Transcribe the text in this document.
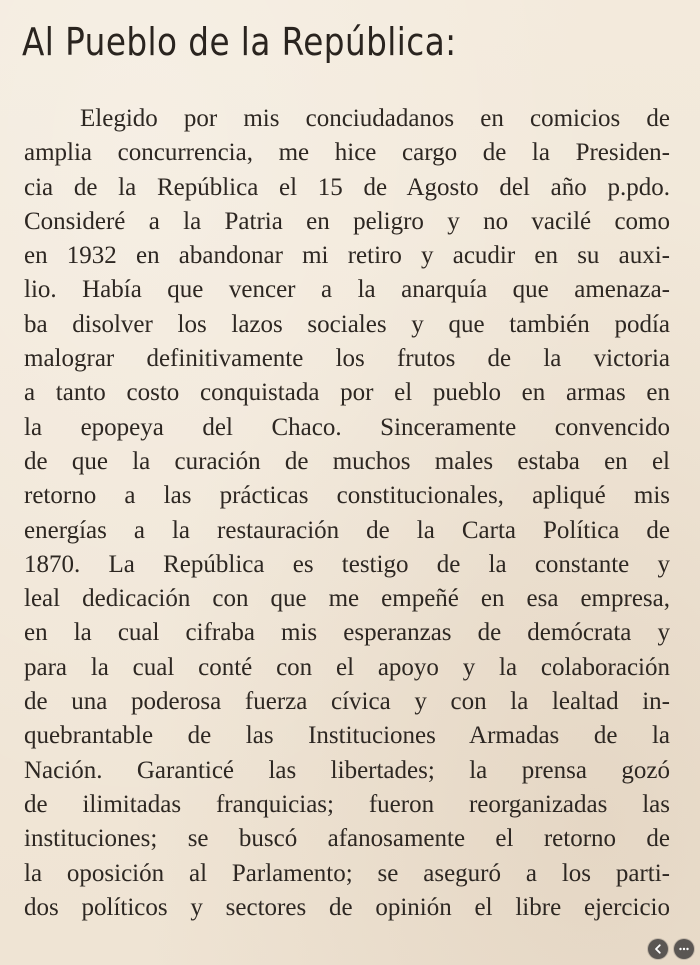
Al Pueblo de la República:
Elegido por mis conciudadanos en comicios de
amplia concurrencia, me hice cargo de la Presiden-
cia de la República el 15 de Agosto del año p.pdo.
Consideré a la Patria en peligro y no vacilé como
en 1932 en abandonar mi retiro y acudir en su auxi-
lio. Había que vencer a la anarquía que amenaza-
ba disolver los lazos sociales y que también podía
malograr definitivamente los frutos de la victoria
a tanto costo conquistada por el pueblo en armas en
la epopeya del Chaco. Sinceramente convencido
de que la curación de muchos males estaba en el
retorno a las prácticas constitucionales, apliqué mis
energías a la restauración de la Carta Política de
1870. La República es testigo de la constante y
leal dedicación con que me empeñé en esa empresa,
en la cual cifraba mis esperanzas de demócrata y
para la cual conté con el apoyo y la colaboración
de una poderosa fuerza cívica y con la lealtad in-
quebrantable de las Instituciones Armadas de la
Nación. Garanticé las libertades; la prensa gozó
de ilimitadas franquicias; fueron reorganizadas las
instituciones; se buscó afanosamente el retorno de
la oposición al Parlamento; se aseguró a los parti-
dos políticos y sectores de opinión el libre ejercicio
